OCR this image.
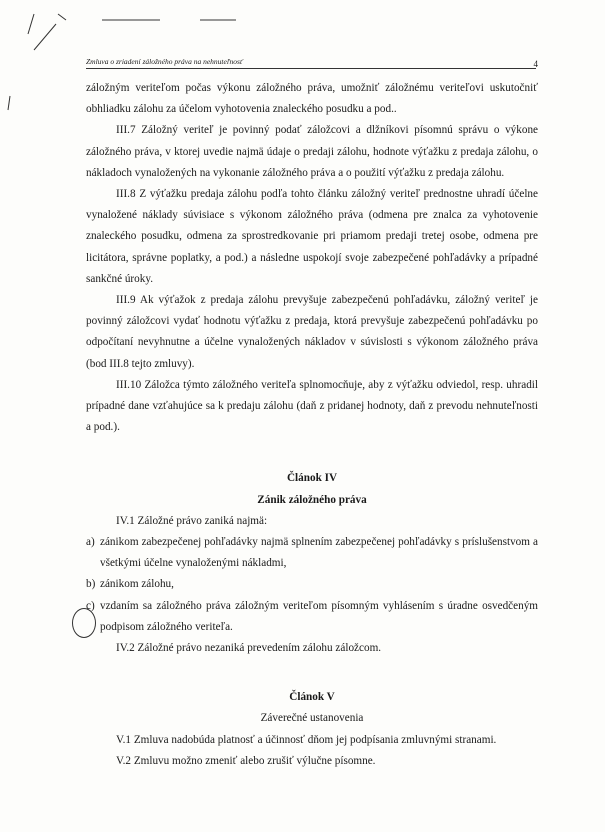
Zmluva o zriadení záložného práva na nehnuteľnosť	4

záložným veriteľom počas výkonu záložného práva, umožniť záložnému veriteľovi uskutočniť obhliadku zálohu za účelom vyhotovenia znaleckého posudku a pod..

III.7 Záložný veriteľ je povinný podať záložcovi a dlžníkovi písomnú správu o výkone záložného práva, v ktorej uvedie najmä údaje o predaji zálohu, hodnote výťažku z predaja zálohu, o nákladoch vynaložených na vykonanie záložného práva a o použití výťažku z predaja zálohu.

III.8 Z výťažku predaja zálohu podľa tohto článku záložný veriteľ prednostne uhradí účelne vynaložené náklady súvisiace s výkonom záložného práva (odmena pre znalca za vyhotovenie znaleckého posudku, odmena za sprostredkovanie pri priamom predaji tretej osobe, odmena pre licitátora, správne poplatky, a pod.) a následne uspokojí svoje zabezpečené pohľadávky a prípadné sankčné úroky.

III.9 Ak výťažok z predaja zálohu prevyšuje zabezpečenú pohľadávku, záložný veriteľ je povinný záložcovi vydať hodnotu výťažku z predaja, ktorá prevyšuje zabezpečenú pohľadávku po odpočítaní nevyhnutne a účelne vynaložených nákladov v súvislosti s výkonom záložného práva (bod III.8 tejto zmluvy).

III.10 Záložca týmto záložného veriteľa splnomocňuje, aby z výťažku odviedol, resp. uhradil prípadné dane vzťahujúce sa k predaju zálohu (daň z pridanej hodnoty, daň z prevodu nehnuteľnosti a pod.).

Článok IV

Zánik záložného práva

IV.1 Záložné právo zaniká najmä:

a) zánikom zabezpečenej pohľadávky najmä splnením zabezpečenej pohľadávky s príslušenstvom a všetkými účelne vynaloženými nákladmi,
b) zánikom zálohu,
c) vzdaním sa záložného práva záložným veriteľom písomným vyhlásením s úradne osvedčeným podpisom záložného veriteľa.

IV.2 Záložné právo nezaniká prevedením zálohu záložcom.

Článok V

Záverečné ustanovenia

V.1 Zmluva nadobúda platnosť a účinnosť dňom jej podpísania zmluvnými stranami.

V.2 Zmluvu možno zmeniť alebo zrušiť výlučne písomne.
